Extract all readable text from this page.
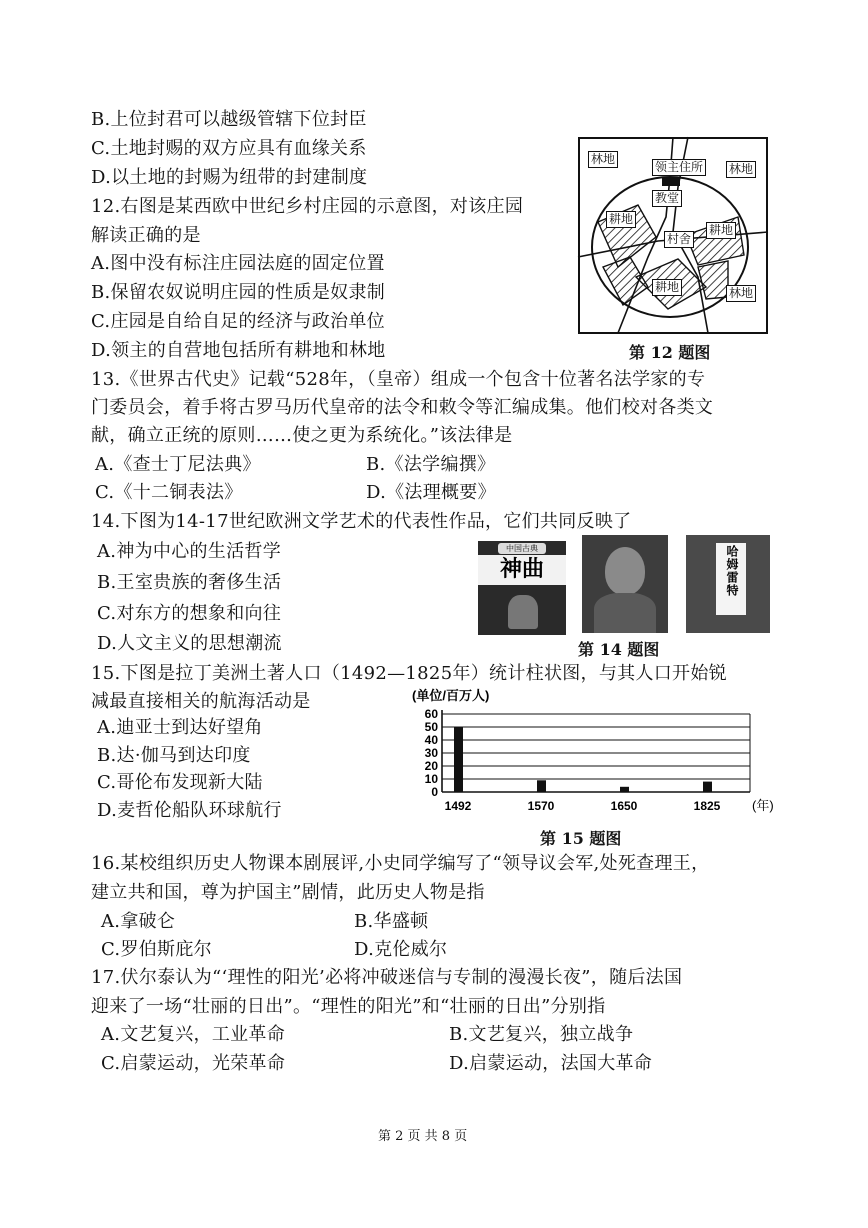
B.上位封君可以越级管辖下位封臣
C.土地封赐的双方应具有血缘关系
D.以土地的封赐为纽带的封建制度
12.右图是某西欧中世纪乡村庄园的示意图，对该庄园
解读正确的是
A.图中没有标注庄园法庭的固定位置
B.保留农奴说明庄园的性质是奴隶制
C.庄园是自给自足的经济与政治单位
D.领主的自营地包括所有耕地和林地
林地
领主住所 林地
教堂
耕地
村舍
耕地
耕地	林地
第 12 题图
13.《世界古代史》记载“528年，（皇帝）组成一个包含十位著名法学家的专
门委员会，着手将古罗马历代皇帝的法令和敕令等汇编成集。他们校对各类文
献，确立正统的原则……使之更为系统化。”该法律是
A.《查士丁尼法典》	B.《法学编撰》
C.《十二铜表法》	D.《法理概要》
14.下图为14-17世纪欧洲文学艺术的代表性作品，它们共同反映了
A.神为中心的生活哲学
B.王室贵族的奢侈生活
C.对东方的想象和向往
D.人文主义的思想潮流
中国古典
神曲	哈姆雷特
第 14 题图
15.下图是拉丁美洲土著人口（1492—1825年）统计柱状图，与其人口开始锐
减最直接相关的航海活动是
A.迪亚士到达好望角
B.达·伽马到达印度
C.哥伦布发现新大陆
D.麦哲伦船队环球航行
(单位/百万人)
0
10
20
30
40
50
60
1492	1570	1650	1825 (年)
第 15 题图
16.某校组织历史人物课本剧展评,小史同学编写了“领导议会军,处死查理王，
建立共和国，尊为护国主”剧情，此历史人物是指
A.拿破仑	B.华盛顿
C.罗伯斯庇尔	D.克伦威尔
17.伏尔泰认为“‘理性的阳光’必将冲破迷信与专制的漫漫长夜”，随后法国
迎来了一场“壮丽的日出”。“理性的阳光”和“壮丽的日出”分别指
A.文艺复兴，工业革命	B.文艺复兴，独立战争
C.启蒙运动，光荣革命	D.启蒙运动，法国大革命
第 2 页 共 8 页
